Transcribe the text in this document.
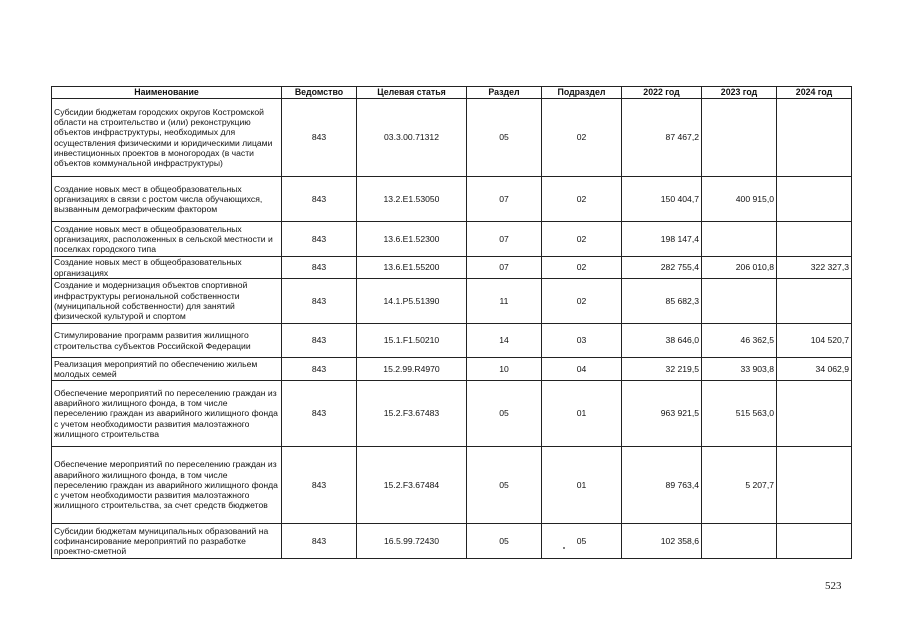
Наименование	Ведомство	Целевая статья	Раздел	Подраздел	2022 год	2023 год	2024 год
Субсидии бюджетам городских округов Костромской области на строительство и (или) реконструкцию объектов инфраструктуры, необходимых для осуществления физическими и юридическими лицами инвестиционных проектов в моногородах (в части объектов коммунальной инфраструктуры)	843	03.3.00.71312	05	02	87 467,2		
Создание новых мест в общеобразовательных организациях в связи с ростом числа обучающихся, вызванным демографическим фактором	843	13.2.E1.53050	07	02	150 404,7	400 915,0	
Создание новых мест в общеобразовательных организациях, расположенных в сельской местности и поселках городского типа	843	13.6.E1.52300	07	02	198 147,4		
Создание новых мест в общеобразовательных организациях	843	13.6.E1.55200	07	02	282 755,4	206 010,8	322 327,3
Создание и модернизация объектов спортивной инфраструктуры региональной собственности (муниципальной собственности) для занятий физической культурой и спортом	843	14.1.P5.51390	11	02	85 682,3		
Стимулирование программ развития жилищного строительства субъектов Российской Федерации	843	15.1.F1.50210	14	03	38 646,0	46 362,5	104 520,7
Реализация мероприятий по обеспечению жильем молодых семей	843	15.2.99.R4970	10	04	32 219,5	33 903,8	34 062,9
Обеспечение мероприятий по переселению граждан из аварийного жилищного фонда, в том числе переселению граждан из аварийного жилищного фонда с учетом необходимости развития малоэтажного жилищного строительства	843	15.2.F3.67483	05	01	963 921,5	515 563,0	
Обеспечение мероприятий по переселению граждан из аварийного жилищного фонда, в том числе переселению граждан из аварийного жилищного фонда с учетом необходимости развития малоэтажного жилищного строительства, за счет средств бюджетов	843	15.2.F3.67484	05	01	89 763,4	5 207,7	
Субсидии бюджетам муниципальных образований на софинансирование мероприятий по разработке проектно-сметной	843	16.5.99.72430	05	05	102 358,6		
523
